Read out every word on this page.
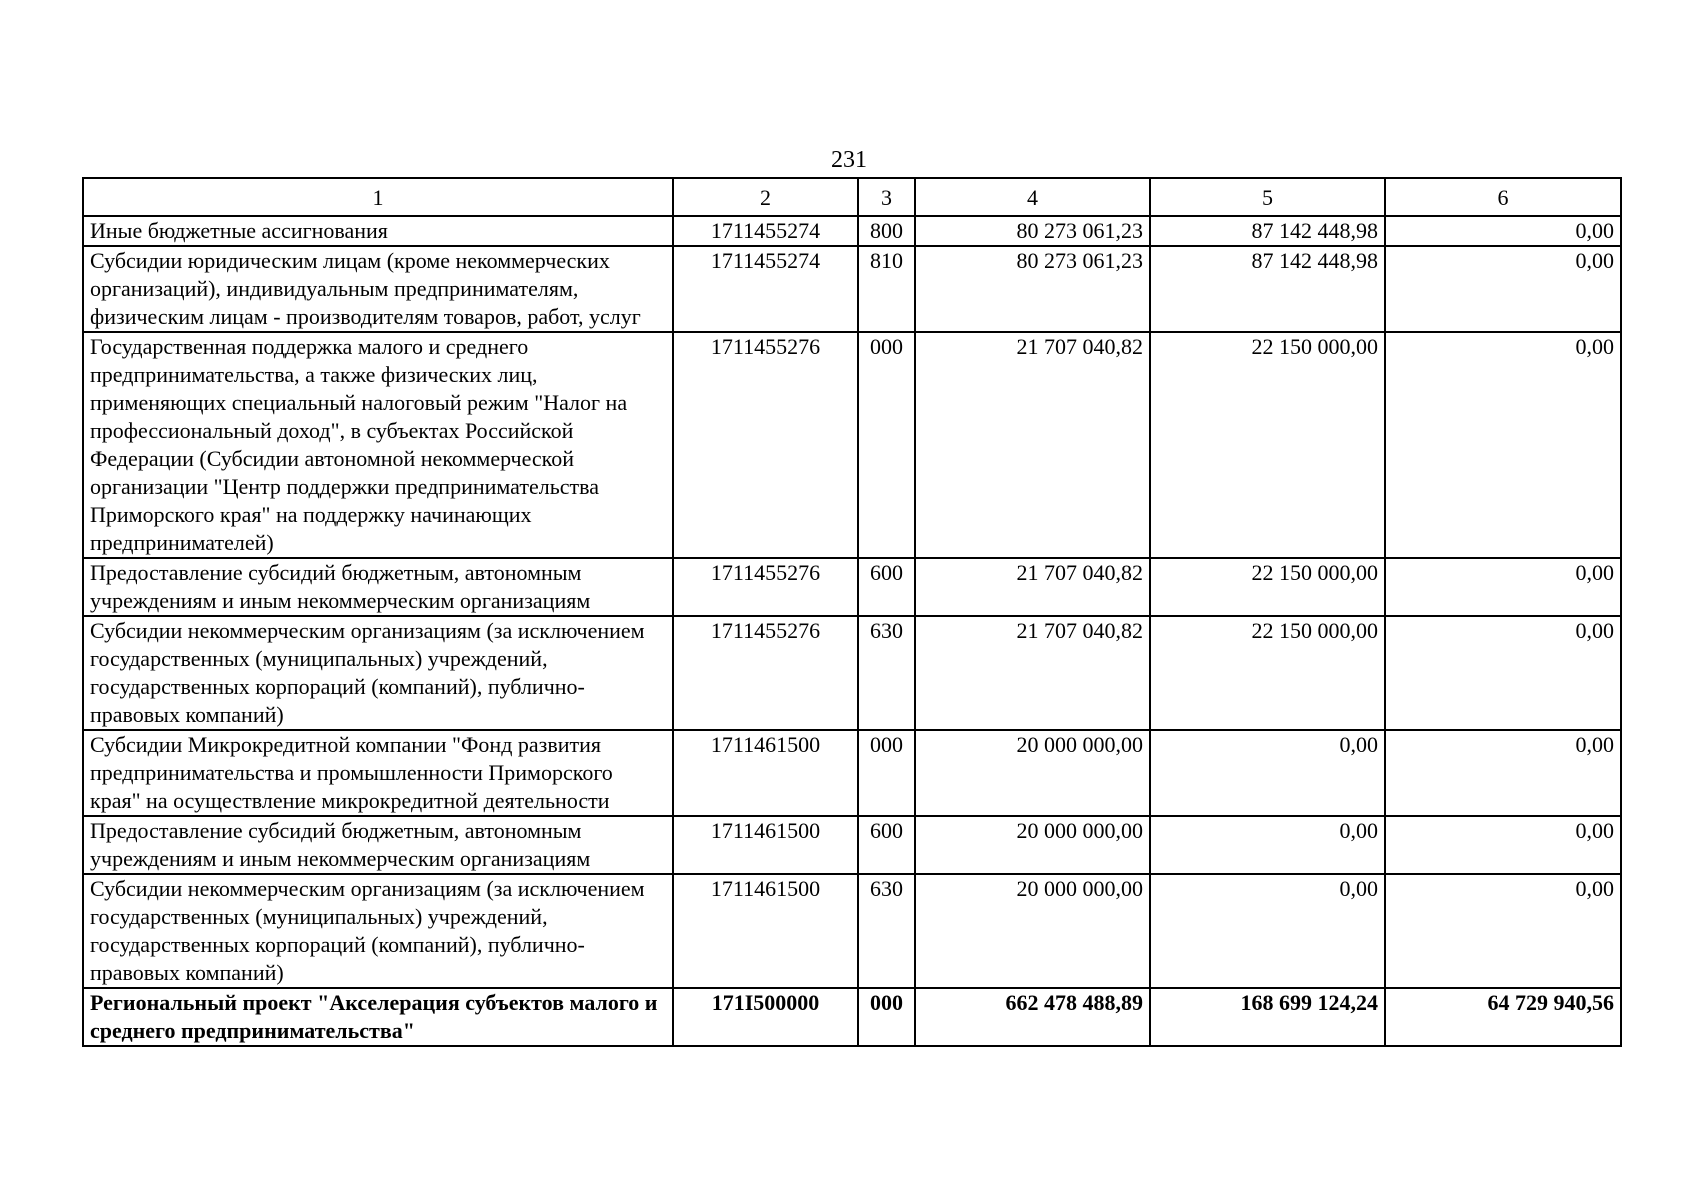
231
1	2	3	4	5	6
Иные бюджетные ассигнования	1711455274	800	80 273 061,23	87 142 448,98	0,00
Субсидии юридическим лицам (кроме некоммерческих организаций), индивидуальным предпринимателям, физическим лицам - производителям товаров, работ, услуг	1711455274	810	80 273 061,23	87 142 448,98	0,00
Государственная поддержка малого и среднего предпринимательства, а также физических лиц, применяющих специальный налоговый режим "Налог на профессиональный доход", в субъектах Российской Федерации (Субсидии автономной некоммерческой организации "Центр поддержки предпринимательства Приморского края" на поддержку начинающих предпринимателей)	1711455276	000	21 707 040,82	22 150 000,00	0,00
Предоставление субсидий бюджетным, автономным учреждениям и иным некоммерческим организациям	1711455276	600	21 707 040,82	22 150 000,00	0,00
Субсидии некоммерческим организациям (за исключением государственных (муниципальных) учреждений, государственных корпораций (компаний), публично-правовых компаний)	1711455276	630	21 707 040,82	22 150 000,00	0,00
Субсидии Микрокредитной компании "Фонд развития предпринимательства и промышленности Приморского края" на осуществление микрокредитной деятельности	1711461500	000	20 000 000,00	0,00	0,00
Предоставление субсидий бюджетным, автономным учреждениям и иным некоммерческим организациям	1711461500	600	20 000 000,00	0,00	0,00
Субсидии некоммерческим организациям (за исключением государственных (муниципальных) учреждений, государственных корпораций (компаний), публично-правовых компаний)	1711461500	630	20 000 000,00	0,00	0,00
Региональный проект "Акселерация субъектов малого и среднего предпринимательства"	171I500000	000	662 478 488,89	168 699 124,24	64 729 940,56
